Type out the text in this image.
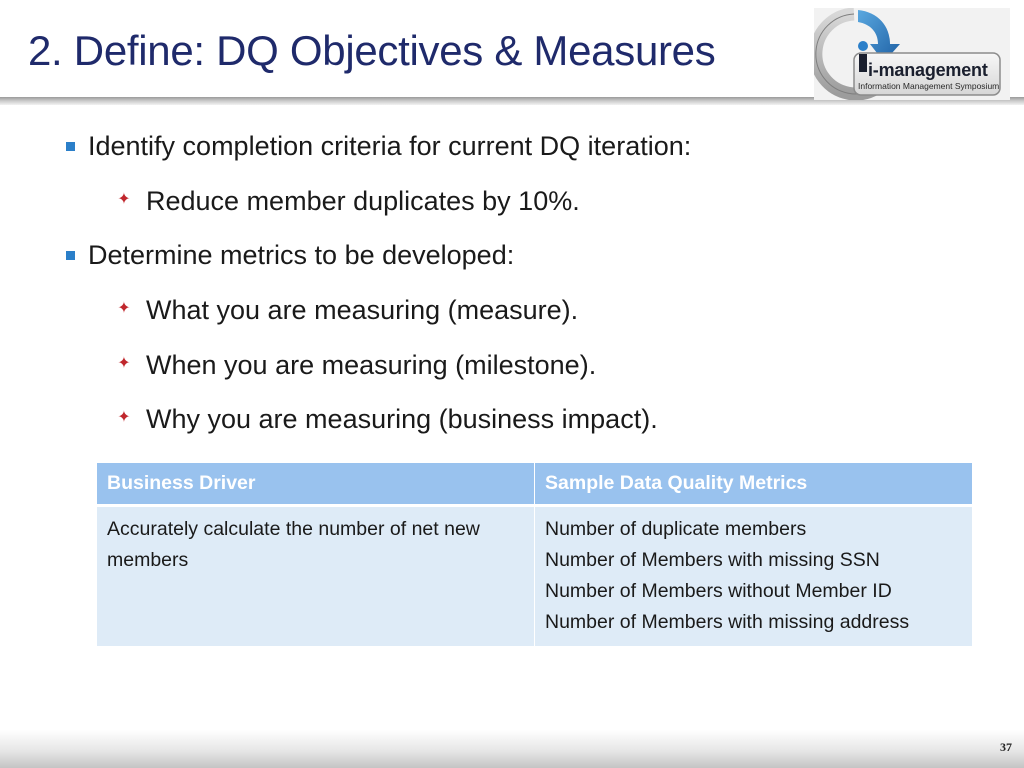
2. Define: DQ Objectives & Measures	i-management
Information Management Symposium
Identify completion criteria for current DQ iteration:
✦ Reduce member duplicates by 10%.
Determine metrics to be developed:
✦ What you are measuring (measure).
✦ When you are measuring (milestone).
✦ Why you are measuring (business impact).
Business Driver	Sample Data Quality Metrics
Accurately calculate the number of net new members	Number of duplicate members
Number of Members with missing SSN
Number of Members without Member ID
Number of Members with missing address
37
